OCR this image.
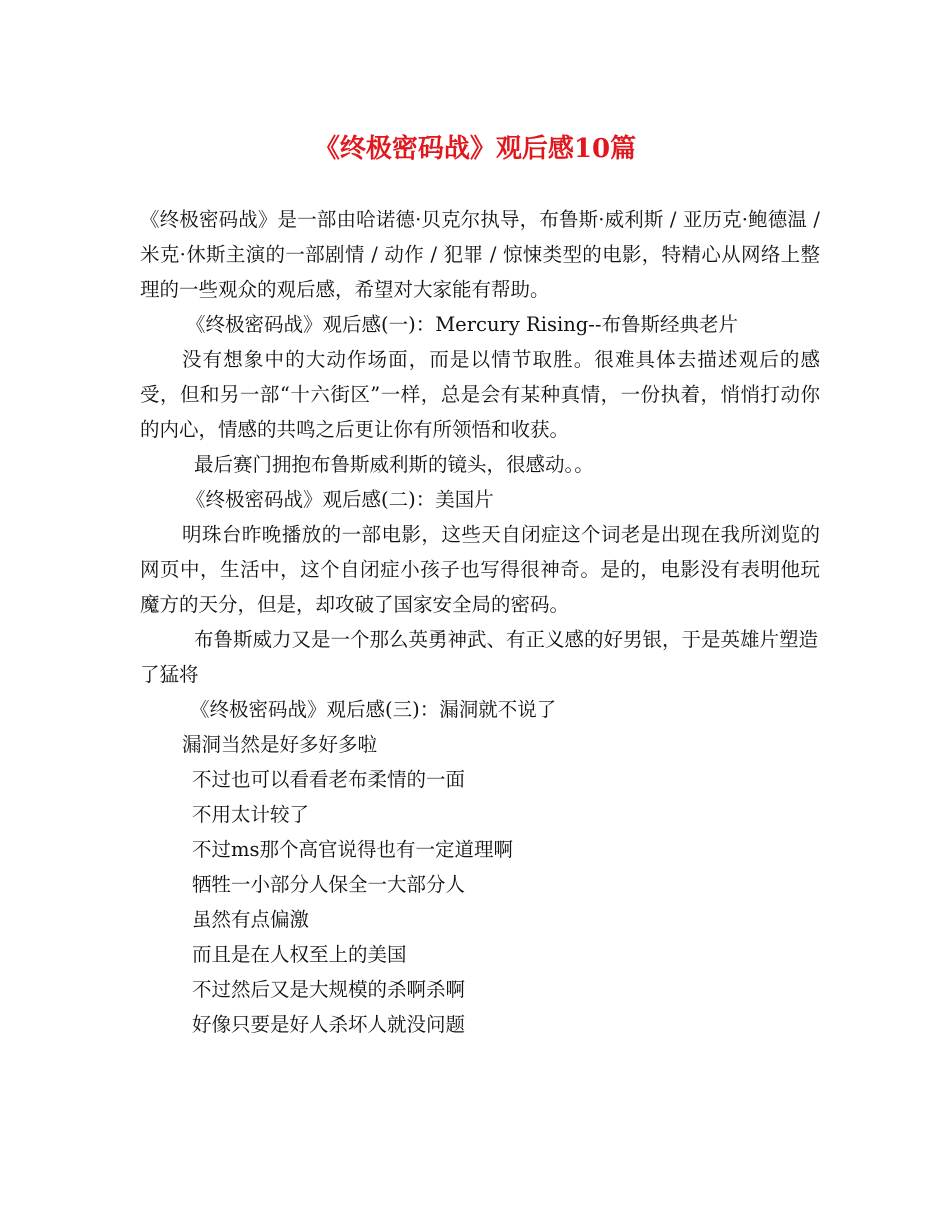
《终极密码战》观后感10篇

《终极密码战》是一部由哈诺德·贝克尔执导，布鲁斯·威利斯 / 亚历克·鲍德温 / 米克·休斯主演的一部剧情 / 动作 / 犯罪 / 惊悚类型的电影，特精心从网络上整理的一些观众的观后感，希望对大家能有帮助。

《终极密码战》观后感(一)：Mercury Rising--布鲁斯经典老片

没有想象中的大动作场面，而是以情节取胜。很难具体去描述观后的感受，但和另一部“十六街区”一样，总是会有某种真情，一份执着，悄悄打动你的内心，情感的共鸣之后更让你有所领悟和收获。

最后赛门拥抱布鲁斯威利斯的镜头，很感动。。

《终极密码战》观后感(二)：美国片

明珠台昨晚播放的一部电影，这些天自闭症这个词老是出现在我所浏览的网页中，生活中，这个自闭症小孩子也写得很神奇。是的，电影没有表明他玩魔方的天分，但是，却攻破了国家安全局的密码。

布鲁斯威力又是一个那么英勇神武、有正义感的好男银，于是英雄片塑造了猛将

《终极密码战》观后感(三)：漏洞就不说了

漏洞当然是好多好多啦

不过也可以看看老布柔情的一面

不用太计较了

不过ms那个高官说得也有一定道理啊

牺牲一小部分人保全一大部分人

虽然有点偏激

而且是在人权至上的美国

不过然后又是大规模的杀啊杀啊

好像只要是好人杀坏人就没问题
